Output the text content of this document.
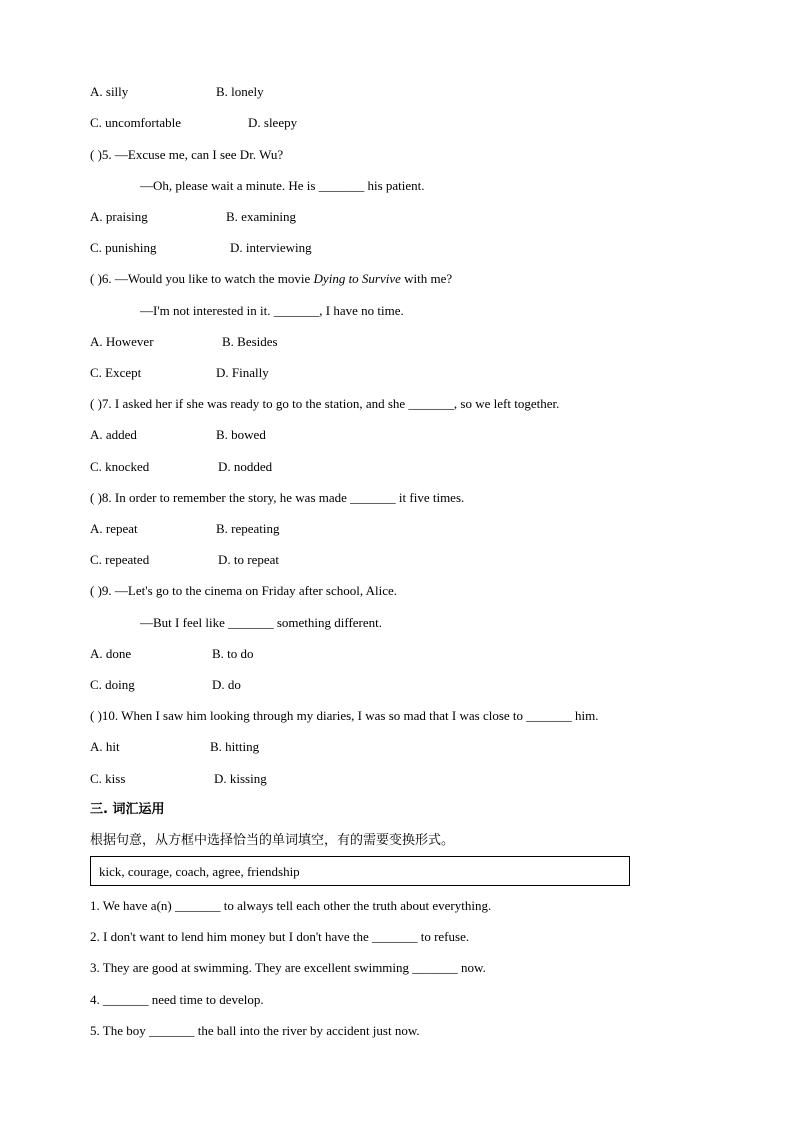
A. silly	B. lonely
C. uncomfortable	D. sleepy
( )5. —Excuse me, can I see Dr. Wu?
—Oh, please wait a minute. He is _______ his patient.
A. praising	B. examining
C. punishing	D. interviewing
( )6. —Would you like to watch the movie Dying to Survive with me?
—I'm not interested in it. _______, I have no time.
A. However	B. Besides
C. Except	D. Finally
( )7. I asked her if she was ready to go to the station, and she _______, so we left together.
A. added	B. bowed
C. knocked	D. nodded
( )8. In order to remember the story, he was made _______ it five times.
A. repeat	B. repeating
C. repeated	D. to repeat
( )9. —Let's go to the cinema on Friday after school, Alice.
—But I feel like _______ something different.
A. done	B. to do
C. doing	D. do
( )10. When I saw him looking through my diaries, I was so mad that I was close to _______ him.
A. hit	B. hitting
C. kiss	D. kissing
三. 词汇运用
根据句意，从方框中选择恰当的单词填空，有的需要变换形式。
kick, courage, coach, agree, friendship
1. We have a(n) _______ to always tell each other the truth about everything.
2. I don't want to lend him money but I don't have the _______ to refuse.
3. They are good at swimming. They are excellent swimming _______ now.
4. _______ need time to develop.
5. The boy _______ the ball into the river by accident just now.
